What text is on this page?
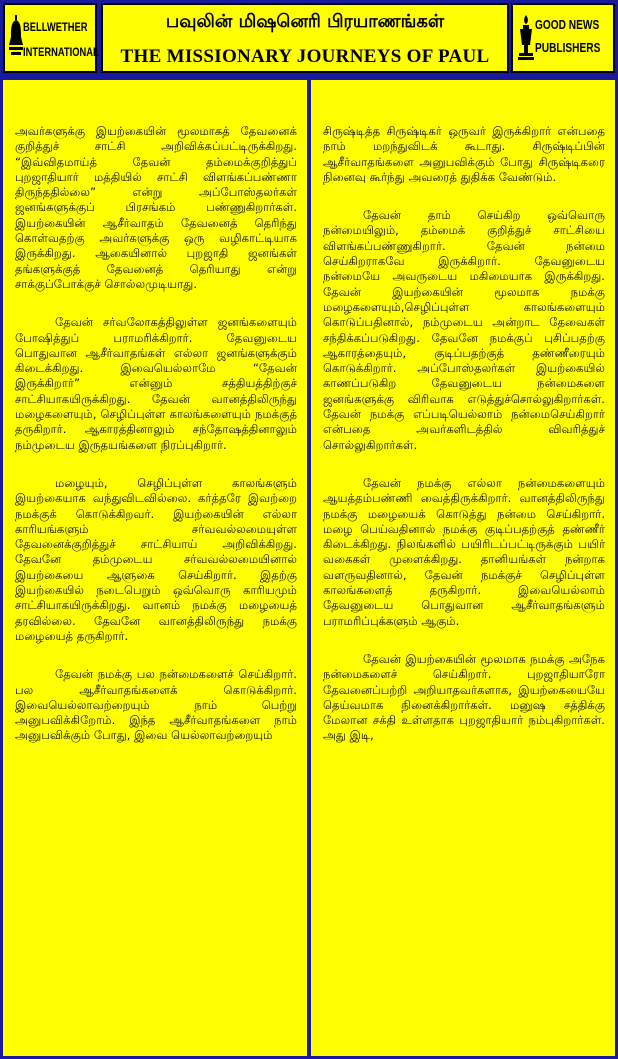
BELLWETHER
INTERNATIONAL
பவுலின் மிஷனெரி பிரயாணங்கள்
THE MISSIONARY JOURNEYS OF PAUL
GOOD NEWS
PUBLISHERS

அவர்களுக்கு இயற்கையின் மூலமாகத் தேவனைக் குறித்துச் சாட்சி அறிவிக்கப்பட்டிருக்கிறது. “இவ்விதமாய்த் தேவன் தம்மைக்குறித்துப் புறஜாதியார் மத்தியில் சாட்சி விளங்கப்பண்ணா திருந்ததில்லை” என்று அப்போஸ்தலர்கள் ஜனங்களுக்குப் பிரசங்கம் பண்ணுகிறார்கள். இயற்கையின் ஆசீர்வாதம் தேவனைத் தெரிந்து கொள்வதற்கு அவர்களுக்கு ஒரு வழிகாட்டியாக இருக்கிறது. ஆகையினால் புறஜாதி ஜனங்கள் தங்களுக்குத் தேவனைத் தெரியாது என்று சாக்குப்போக்குச் சொல்லமுடியாது.

தேவன் சர்வலோகத்திலுள்ள ஜனங்களையும் போஷித்துப் பராமரிக்கிறார். தேவனுடைய பொதுவான ஆசீர்வாதங்கள் எல்லா ஜனங்களுக்கும் கிடைக்கிறது. இவையெல்லாமே “தேவன் இருக்கிறார்” என்னும் சத்தியத்திற்குச் சாட்சியாகயிருக்கிறது. தேவன் வானத்திலிருந்து மழைகளையும், செழிப்புள்ள காலங்களையும் நமக்குத் தருகிறார். ஆகாரத்தினாலும் சந்தோஷத்தினாலும் நம்முடைய இருதயங்களை நிரப்புகிறார்.

மழையும், செழிப்புள்ள காலங்களும் இயற்கையாக வந்துவிடவில்லை. கர்த்தரே இவற்றை நமக்குக் கொடுக்கிறவர். இயற்கையின் எல்லா காரியங்களும் சர்வவல்லமையுள்ள தேவனைக்குறித்துச் சாட்சியாய் அறிவிக்கிறது. தேவனே தம்முடைய சர்வவல்லமையினால் இயற்கையை ஆளுகை செய்கிறார். இதற்கு இயற்கையில் நடைபெறும் ஒவ்வொரு காரியமும் சாட்சியாகயிருக்கிறது. வானம் நமக்கு மழையைத் தரவில்லை. தேவனே வானத்திலிருந்து நமக்கு மழையைத் தருகிறார்.

தேவன் நமக்கு பல நன்மைகளைச் செய்கிறார். பல ஆசீர்வாதங்களைக் கொடுக்கிறார். இவையெல்லாவற்றையும் நாம் பெற்று அனுபவிக்கிறோம். இந்த ஆசீர்வாதங்களை நாம் அனுபவிக்கும் போது, இவை யெல்லாவற்றையும்

சிருஷ்டித்த சிருஷ்டிகர் ஒருவர் இருக்கிறார் என்பதை நாம் மறந்துவிடக் கூடாது. சிருஷ்டிப்பின் ஆசீர்வாதங்களை அனுபவிக்கும் போது சிருஷ்டிகரை நினைவு கூர்ந்து அவரைத் துதிக்க வேண்டும்.

தேவன் தாம் செய்கிற ஒவ்வொரு நன்மையிலும், தம்மைக் குறித்துச் சாட்சியை விளங்கப்பண்ணுகிறார். தேவன் நன்மை செய்கிறராகவே இருக்கிறார். தேவனுடைய நன்மையே அவருடைய மகிமையாக இருக்கிறது. தேவன் இயற்கையின் மூலமாக நமக்கு மழைகளையும்,செழிப்புள்ள காலங்களையும் கொடுப்பதினால், நம்முடைய அன்றாட தேவைகள் சந்திக்கப்படுகிறது. தேவனே நமக்குப் புசிப்பதற்கு ஆகாரத்தையும், குடிப்பதற்குத் தண்ணீரையும் கொடுக்கிறார். அப்போஸ்தலர்கள் இயற்கையில் காணப்படுகிற தேவனுடைய நன்மைகளை ஜனங்களுக்கு விரிவாக எடுத்துச்சொல்லுகிறார்கள். தேவன் நமக்கு எப்படியெல்லாம் நன்மைசெய்கிறார் என்பதை அவர்களிடத்தில் விவரித்துச் சொல்லுகிறார்கள்.

தேவன் நமக்கு எல்லா நன்மைகளையும் ஆயத்தம்பண்ணி வைத்திருக்கிறார். வானத்திலிருந்து நமக்கு மழையைக் கொடுத்து நன்மை செய்கிறார். மழை பெய்வதினால் நமக்கு குடிப்பதற்குத் தண்ணீர் கிடைக்கிறது. நிலங்களில் பயிரிடப்பட்டிருக்கும் பயிர் வகைகள் முளைக்கிறது. தானியங்கள் நன்றாக வளருவதினால், தேவன் நமக்குச் செழிப்புள்ள காலங்களைத் தருகிறார். இவையெல்லாம் தேவனுடைய பொதுவான ஆசீர்வாதங்களும் பராமரிப்புக்களும் ஆகும்.

தேவன் இயற்கையின் மூலமாக நமக்கு அநேக நன்மைகளைச் செய்கிறார். புறஜாதியாரோ தேவனைப்பற்றி அறியாதவர்களாக, இயற்கையையே தெய்வமாக நினைக்கிறார்கள். மனுஷ சத்திக்கு மேலான சக்தி உள்ளதாக புறஜாதியார் நம்புகிறார்கள். அது இடி,
